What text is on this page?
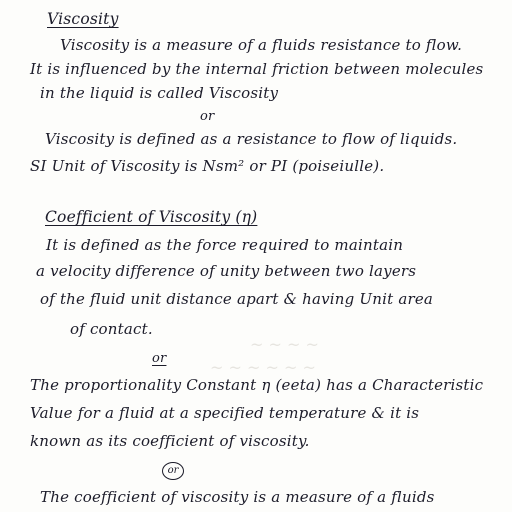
~ ~ ~ ~
~ ~ ~ ~ ~ ~
Viscosity
Viscosity is a measure of a fluids resistance to flow.
It is influenced by the internal friction between molecules
in the liquid is called Viscosity
or
Viscosity is defined as a resistance to flow of liquids.
SI Unit of Viscosity is Nsm² or PI (poiseiulle).
Coefficient of Viscosity (η)
It is defined as the force required to maintain
a velocity difference of unity between two layers
of the fluid unit distance apart & having Unit area
of contact.
or
The proportionality Constant η (eeta) has a Characteristic
Value for a fluid at a specified temperature & it is
known as its coefficient of viscosity.
or
The coefficient of viscosity is a measure of a fluids
